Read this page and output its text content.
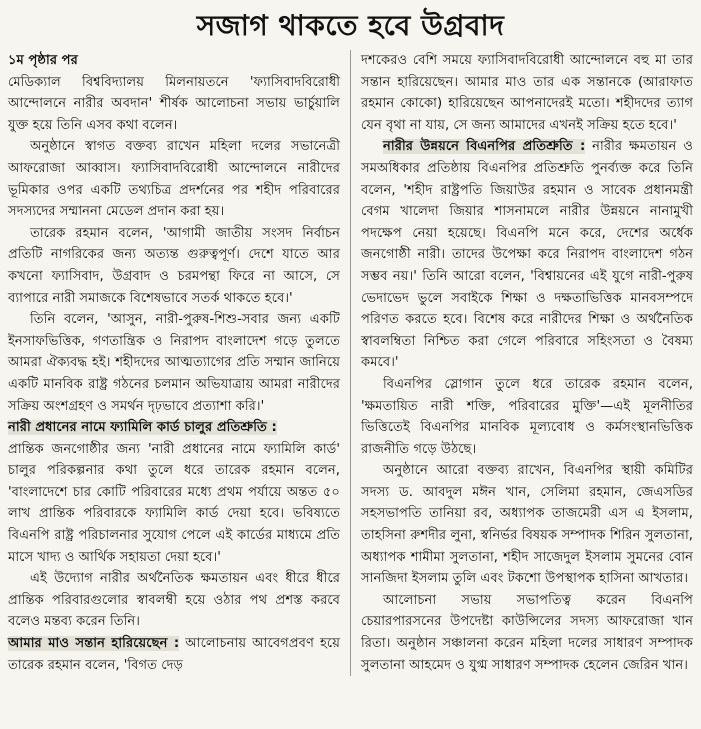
সজাগ থাকতে হবে উগ্রবাদ

১ম পৃষ্ঠার পর
মেডিক্যাল বিশ্ববিদ্যালয় মিলনায়তনে 'ফ্যাসিবাদবিরোধী আন্দোলনে নারীর অবদান' শীর্ষক আলোচনা সভায় ভার্চুয়ালি যুক্ত হয়ে তিনি এসব কথা বলেন।

অনুষ্ঠানে স্বাগত বক্তব্য রাখেন মহিলা দলের সভানেত্রী আফরোজা আব্বাস। ফ্যাসিবাদবিরোধী আন্দোলনে নারীদের ভূমিকার ওপর একটি তথ্যচিত্র প্রদর্শনের পর শহীদ পরিবারের সদস্যদের সম্মাননা মেডেল প্রদান করা হয়।

তারেক রহমান বলেন, 'আগামী জাতীয় সংসদ নির্বাচন প্রতিটি নাগরিকের জন্য অত্যন্ত গুরুত্বপূর্ণ। দেশে যাতে আর কখনো ফ্যাসিবাদ, উগ্রবাদ ও চরমপন্থা ফিরে না আসে, সে ব্যাপারে নারী সমাজকে বিশেষভাবে সতর্ক থাকতে হবে।'

তিনি বলেন, 'আসুন, নারী-পুরুষ-শিশু-সবার জন্য একটি ইনসাফভিত্তিক, গণতান্ত্রিক ও নিরাপদ বাংলাদেশ গড়ে তুলতে আমরা ঐক্যবদ্ধ হই। শহীদদের আত্মত্যাগের প্রতি সম্মান জানিয়ে একটি মানবিক রাষ্ট্র গঠনের চলমান অভিযাত্রায় আমরা নারীদের সক্রিয় অংশগ্রহণ ও সমর্থন দৃঢ়ভাবে প্রত্যাশা করি।'

নারী প্রধানের নামে ফ্যামিলি কার্ড চালুর প্রতিশ্রুতি :
প্রান্তিক জনগোষ্ঠীর জন্য 'নারী প্রধানের নামে ফ্যামিলি কার্ড' চালুর পরিকল্পনার কথা তুলে ধরে তারেক রহমান বলেন, 'বাংলাদেশে চার কোটি পরিবারের মধ্যে প্রথম পর্যায়ে অন্তত ৫০ লাখ প্রান্তিক পরিবারকে ফ্যামিলি কার্ড দেয়া হবে। ভবিষ্যতে বিএনপি রাষ্ট্র পরিচালনার সুযোগ পেলে এই কার্ডের মাধ্যমে প্রতি মাসে খাদ্য ও আর্থিক সহায়তা দেয়া হবে।'

এই উদ্যোগ নারীর অর্থনৈতিক ক্ষমতায়ন এবং ধীরে ধীরে প্রান্তিক পরিবারগুলোর স্বাবলম্বী হয়ে ওঠার পথ প্রশস্ত করবে বলেও মন্তব্য করেন তিনি।

আমার মাও সন্তান হারিয়েছেন : আলোচনায় আবেগপ্রবণ হয়ে তারেক রহমান বলেন, 'বিগত দেড়

দশকেরও বেশি সময়ে ফ্যাসিবাদবিরোধী আন্দোলনে বহু মা তার সন্তান হারিয়েছেন। আমার মাও তার এক সন্তানকে (আরাফাত রহমান কোকো) হারিয়েছেন আপনাদেরই মতো। শহীদদের ত্যাগ যেন বৃথা না যায়, সে জন্য আমাদের এখনই সক্রিয় হতে হবে।'

নারীর উন্নয়নে বিএনপির প্রতিশ্রুতি : নারীর ক্ষমতায়ন ও সমঅধিকার প্রতিষ্ঠায় বিএনপির প্রতিশ্রুতি পুনর্ব্যক্ত করে তিনি বলেন, 'শহীদ রাষ্ট্রপতি জিয়াউর রহমান ও সাবেক প্রধানমন্ত্রী বেগম খালেদা জিয়ার শাসনামলে নারীর উন্নয়নে নানামুখী পদক্ষেপ নেয়া হয়েছে। বিএনপি মনে করে, দেশের অর্ধেক জনগোষ্ঠী নারী। তাদের উপেক্ষা করে নিরাপদ বাংলাদেশ গঠন সম্ভব নয়।' তিনি আরো বলেন, 'বিশ্বায়নের এই যুগে নারী-পুরুষ ভেদাভেদ ভুলে সবাইকে শিক্ষা ও দক্ষতাভিত্তিক মানবসম্পদে পরিণত করতে হবে। বিশেষ করে নারীদের শিক্ষা ও অর্থনৈতিক স্বাবলম্বিতা নিশ্চিত করা গেলে পরিবারে সহিংসতা ও বৈষম্য কমবে।'

বিএনপির স্লোগান তুলে ধরে তারেক রহমান বলেন, 'ক্ষমতায়িত নারী শক্তি, পরিবারের মুক্তি'—এই মূলনীতির ভিত্তিতেই বিএনপির মানবিক মূল্যবোধ ও কর্মসংস্থানভিত্তিক রাজনীতি গড়ে উঠছে।

অনুষ্ঠানে আরো বক্তব্য রাখেন, বিএনপির স্থায়ী কমিটির সদস্য ড. আবদুল মঈন খান, সেলিমা রহমান, জেএসডির সহসভাপতি তানিয়া রব, অধ্যাপক তাজমেরী এস এ ইসলাম, তাহসিনা রুশদীর লুনা, স্বনির্ভর বিষয়ক সম্পাদক শিরিন সুলতানা, অধ্যাপক শামীমা সুলতানা, শহীদ সাজেদুল ইসলাম সুমনের বোন সানজিদা ইসলাম তুলি এবং টকশো উপস্থাপক হাসিনা আখতার।

আলোচনা সভায় সভাপতিত্ব করেন বিএনপি চেয়ারপারসনের উপদেষ্টা কাউন্সিলের সদস্য আফরোজা খান রিতা। অনুষ্ঠান সঞ্চালনা করেন মহিলা দলের সাধারণ সম্পাদক সুলতানা আহমেদ ও যুগ্ম সাধারণ সম্পাদক হেলেন জেরিন খান।
